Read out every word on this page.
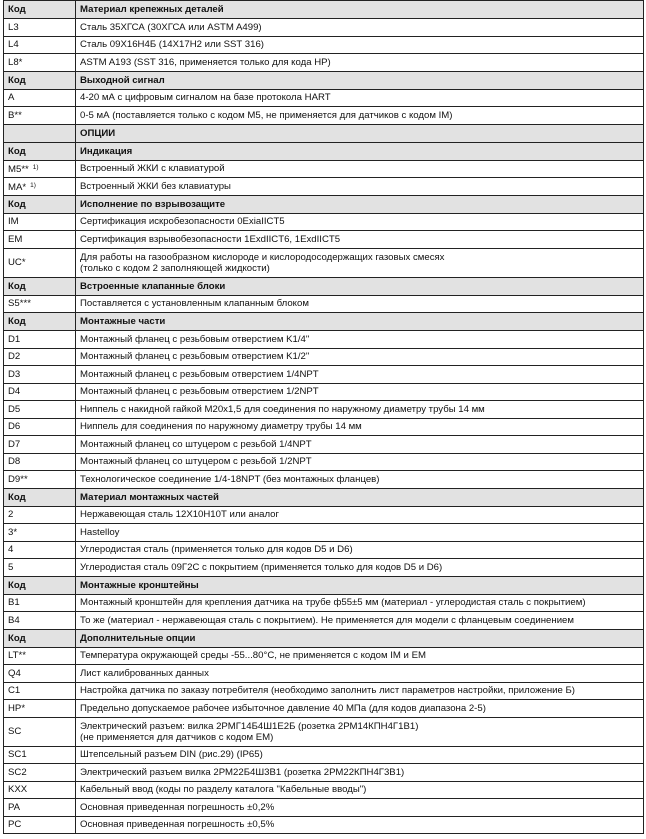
Код	Материал крепежных деталей

L3	Сталь 35ХГСА (30ХГСА или ASTM A499)

L4	Сталь 09Х16Н4Б (14Х17Н2 или SST 316)

L8*	ASTM A193 (SST 316, применяется только для кода HP)

Код	Выходной сигнал

A	4-20 мА с цифровым сигналом на базе протокола HART

B**	0-5 мА (поставляется только с кодом M5, не применяется для датчиков с кодом IM)

	ОПЦИИ

Код	Индикация

M5** $^{1)}$	Встроенный ЖКИ с клавиатурой

MA* $^{1)}$	Встроенный ЖКИ без клавиатуры

Код	Исполнение по взрывозащите

IM	Сертификация искробезопасности 0ExiaIICT5

EM	Сертификация взрывобезопасности 1ExdIICT6, 1ExdIICT5

UC*	Для работы на газообразном кислороде и кислородосодержащих газовых смесях
(только с кодом 2 заполняющей жидкости)

Код	Встроенные клапанные блоки

S5***	Поставляется с установленным клапанным блоком

Код	Монтажные части

D1	Монтажный фланец с резьбовым отверстием K1/4"

D2	Монтажный фланец с резьбовым отверстием K1/2"

D3	Монтажный фланец с резьбовым отверстием 1/4NPT

D4	Монтажный фланец с резьбовым отверстием 1/2NPT

D5	Ниппель с накидной гайкой M20x1,5 для соединения по наружному диаметру трубы 14 мм

D6	Ниппель для соединения по наружному диаметру трубы 14 мм

D7	Монтажный фланец со штуцером с резьбой 1/4NPT

D8	Монтажный фланец со штуцером с резьбой 1/2NPT

D9**	Технологическое соединение 1/4-18NPT (без монтажных фланцев)

Код	Материал монтажных частей

2	Нержавеющая сталь 12Х10Н10Т или аналог

3*	Hastelloy

4	Углеродистая сталь (применяется только для кодов D5 и D6)

5	Углеродистая сталь 09Г2С с покрытием (применяется только для кодов D5 и D6)

Код	Монтажные кронштейны

B1	Монтажный кронштейн для крепления датчика на трубе ф55±5 мм (материал - углеродистая сталь с покрытием)

B4	То же (материал - нержавеющая сталь с покрытием). Не применяется для модели с фланцевым соединением

Код	Дополнительные опции

LT**	Температура окружающей среды -55...80°С, не применяется с кодом IM и EM

Q4	Лист калиброванных данных

C1	Настройка датчика по заказу потребителя (необходимо заполнить лист параметров настройки, приложение Б)

HP*	Предельно допускаемое рабочее избыточное давление 40 МПа (для кодов диапазона 2-5)

SC	Электрический разъем: вилка 2РМГ14Б4Ш1Е2Б (розетка 2РМ14КПН4Г1В1)
(не применяется для датчиков с кодом EM)

SC1	Штепсельный разъем DIN (рис.29) (IP65)

SC2	Электрический разъем вилка 2РМ22Б4Ш3В1 (розетка 2РМ22КПН4Г3В1)

KXX	Кабельный ввод (коды по разделу каталога "Кабельные вводы")

PA	Основная приведенная погрешность ±0,2%

PC	Основная приведенная погрешность ±0,5%
